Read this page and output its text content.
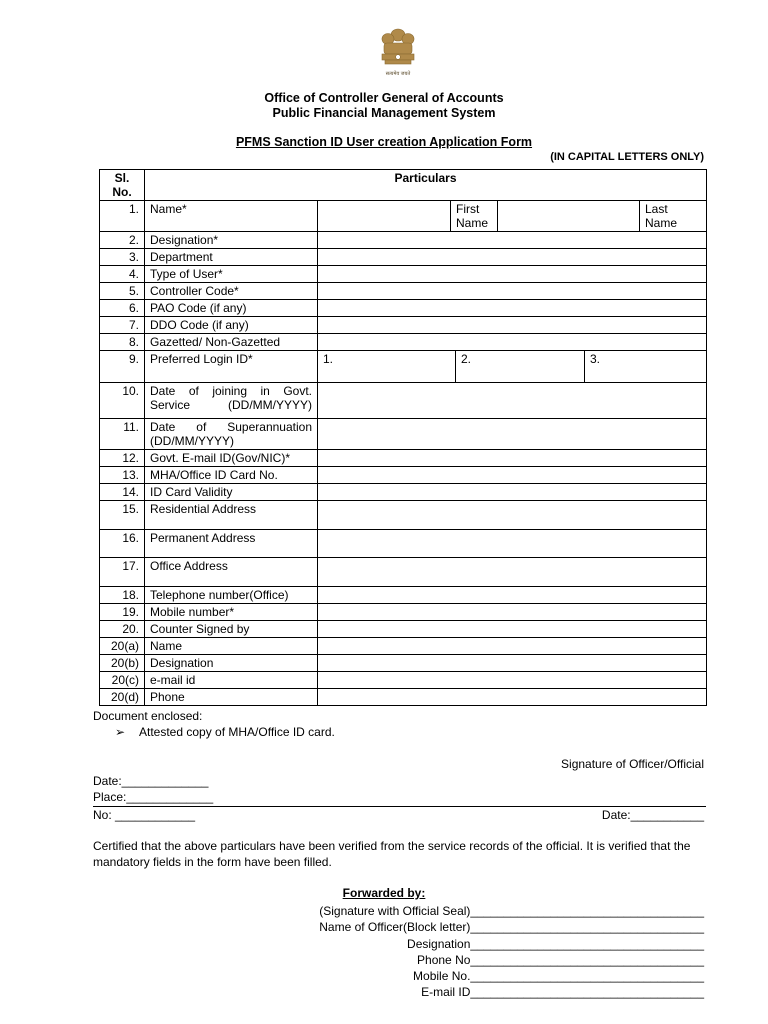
सत्यमेव जयते
Office of Controller General of Accounts
Public Financial Management System
PFMS Sanction ID User creation Application Form
(IN CAPITAL LETTERS ONLY)
Sl. No.	Particulars				
1.	Name*		First Name		Last Name
2.	Designation*				
3.	Department				
4.	Type of User*				
5.	Controller Code*				
6.	PAO Code (if any)				
7.	DDO Code (if any)				
8.	Gazetted/ Non-Gazetted				
9.	Preferred Login ID*	1. 2. 3.			

10.	Date of joining in Govt. Service (DD/MM/YYYY)				
11.	Date of Superannuation (DD/MM/YYYY)				
12.	Govt. E-mail ID(Gov/NIC)*				
13.	MHA/Office ID Card No.				
14.	ID Card Validity				
15.	Residential Address				
16.	Permanent Address				
17.	Office Address				
18.	Telephone number(Office)				
19.	Mobile number*				
20.	Counter Signed by				
20(a)	Name				
20(b)	Designation				
20(c)	e-mail id				
20(d)	Phone				
Document enclosed:
➢ Attested copy of MHA/Office ID card.
Signature of Officer/Official
Date:_____________
Place:_____________
No: ____________	Date:___________
Certified that the above particulars have been verified from the service records of the official. It is verified that the mandatory fields in the form have been filled.
Forwarded by:
(Signature with Official Seal)___________________________________
Name of Officer(Block letter)___________________________________
Designation___________________________________
Phone No___________________________________
Mobile No.___________________________________
E-mail ID___________________________________
